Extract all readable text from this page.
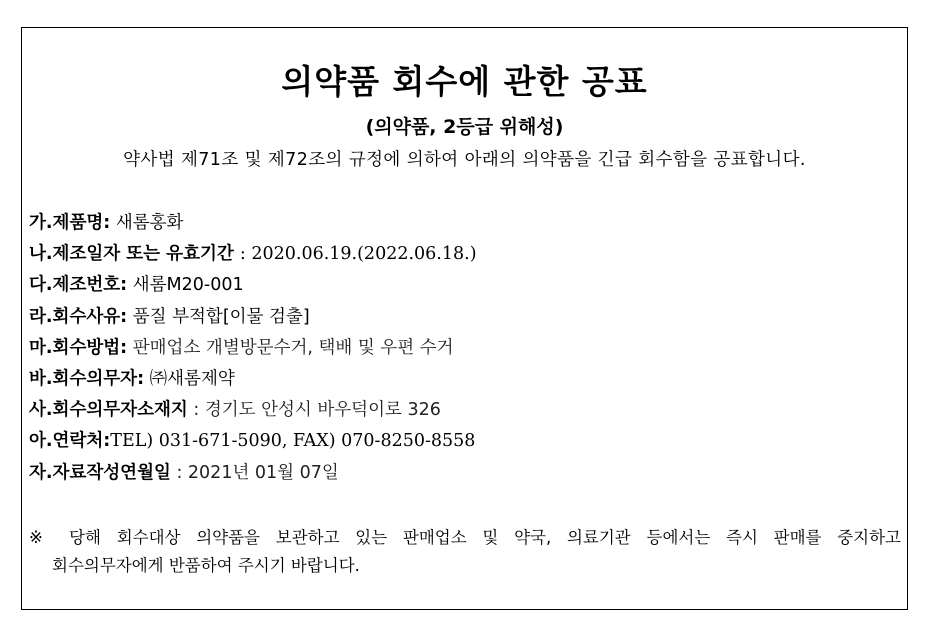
의약품 회수에 관한 공표
(의약품, 2등급 위해성)
약사법 제71조 및 제72조의 규정에 의하여 아래의 의약품을 긴급 회수함을 공표합니다.
가.제품명: 새롬홍화
나.제조일자 또는 유효기간 : 2020.06.19.(2022.06.18.)
다.제조번호: 새롬M20-001
라.회수사유: 품질 부적합[이물 검출]
마.회수방법: 판매업소 개별방문수거, 택배 및 우편 수거
바.회수의무자: ㈜새롬제약
사.회수의무자소재지 : 경기도 안성시 바우덕이로 326
아.연락처:TEL) 031-671-5090, FAX) 070-8250-8558
자.자료작성연월일 : 2021년 01월 07일
※ 당해 회수대상 의약품을 보관하고 있는 판매업소 및 약국, 의료기관 등에서는 즉시 판매를 중지하고
회수의무자에게 반품하여 주시기 바랍니다.
